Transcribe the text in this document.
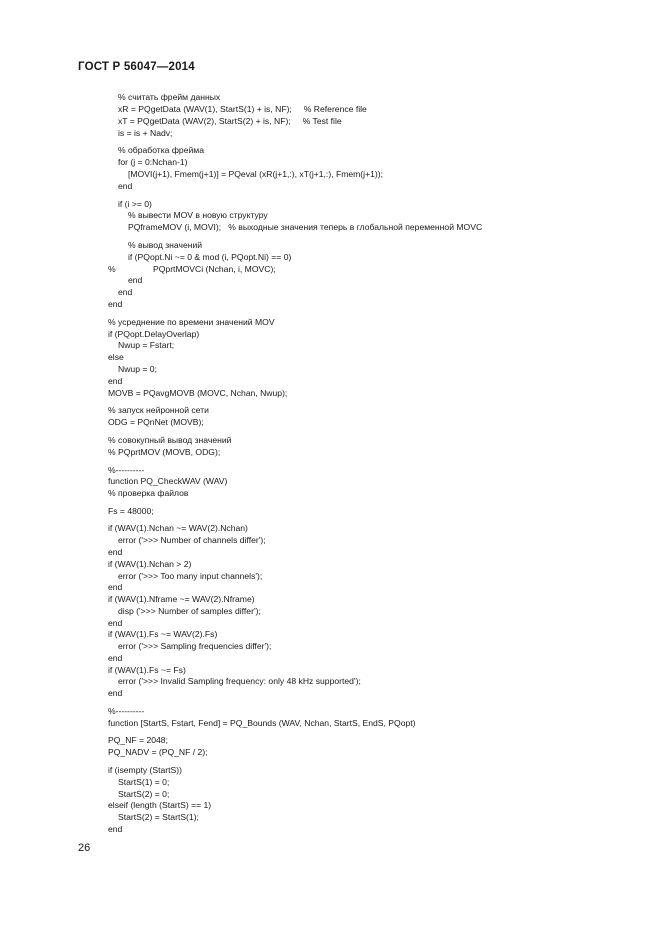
ГОСТ Р 56047—2014
% считать фрейм данных
xR = PQgetData (WAV(1), StartS(1) + is, NF);     % Reference file
xT = PQgetData (WAV(2), StartS(2) + is, NF);     % Test file
is = is + Nadv;
% обработка фрейма
for (j = 0:Nchan-1)
[MOVI(j+1), Fmem(j+1)] = PQeval (xR(j+1,:), xT(j+1,:), Fmem(j+1));
end
if (i >= 0)
% вывести MOV в новую структуру
PQframeMOV (i, MOVI);   % выходные значения теперь в глобальной переменной MOVC
% вывод значений
if (PQopt.Ni ~= 0 & mod (i, PQopt.Ni) == 0)
%	PQprtMOVCi (Nchan, i, MOVC);
end
end
end
% усреднение по времени значений MOV
if (PQopt.DelayOverlap)
Nwup = Fstart;
else
Nwup = 0;
end
MOVB = PQavgMOVB (MOVC, Nchan, Nwup);
% запуск нейронной сети
ODG = PQnNet (MOVB);
% совокупный вывод значений
% PQprtMOV (MOVB, ODG);
%----------
function PQ_CheckWAV (WAV)
% проверка файлов
Fs = 48000;
if (WAV(1).Nchan ~= WAV(2).Nchan)
error ('>>> Number of channels differ');
end
if (WAV(1).Nchan > 2)
error ('>>> Too many input channels');
end
if (WAV(1).Nframe ~= WAV(2).Nframe)
disp ('>>> Number of samples differ');
end
if (WAV(1).Fs ~= WAV(2).Fs)
error ('>>> Sampling frequencies differ');
end
if (WAV(1).Fs ~= Fs)
error ('>>> Invalid Sampling frequency: only 48 kHz supported');
end
%----------
function [StartS, Fstart, Fend] = PQ_Bounds (WAV, Nchan, StartS, EndS, PQopt)
PQ_NF = 2048;
PQ_NADV = (PQ_NF / 2);
if (isempty (StartS))
StartS(1) = 0;
StartS(2) = 0;
elseif (length (StartS) == 1)
StartS(2) = StartS(1);
end
26
